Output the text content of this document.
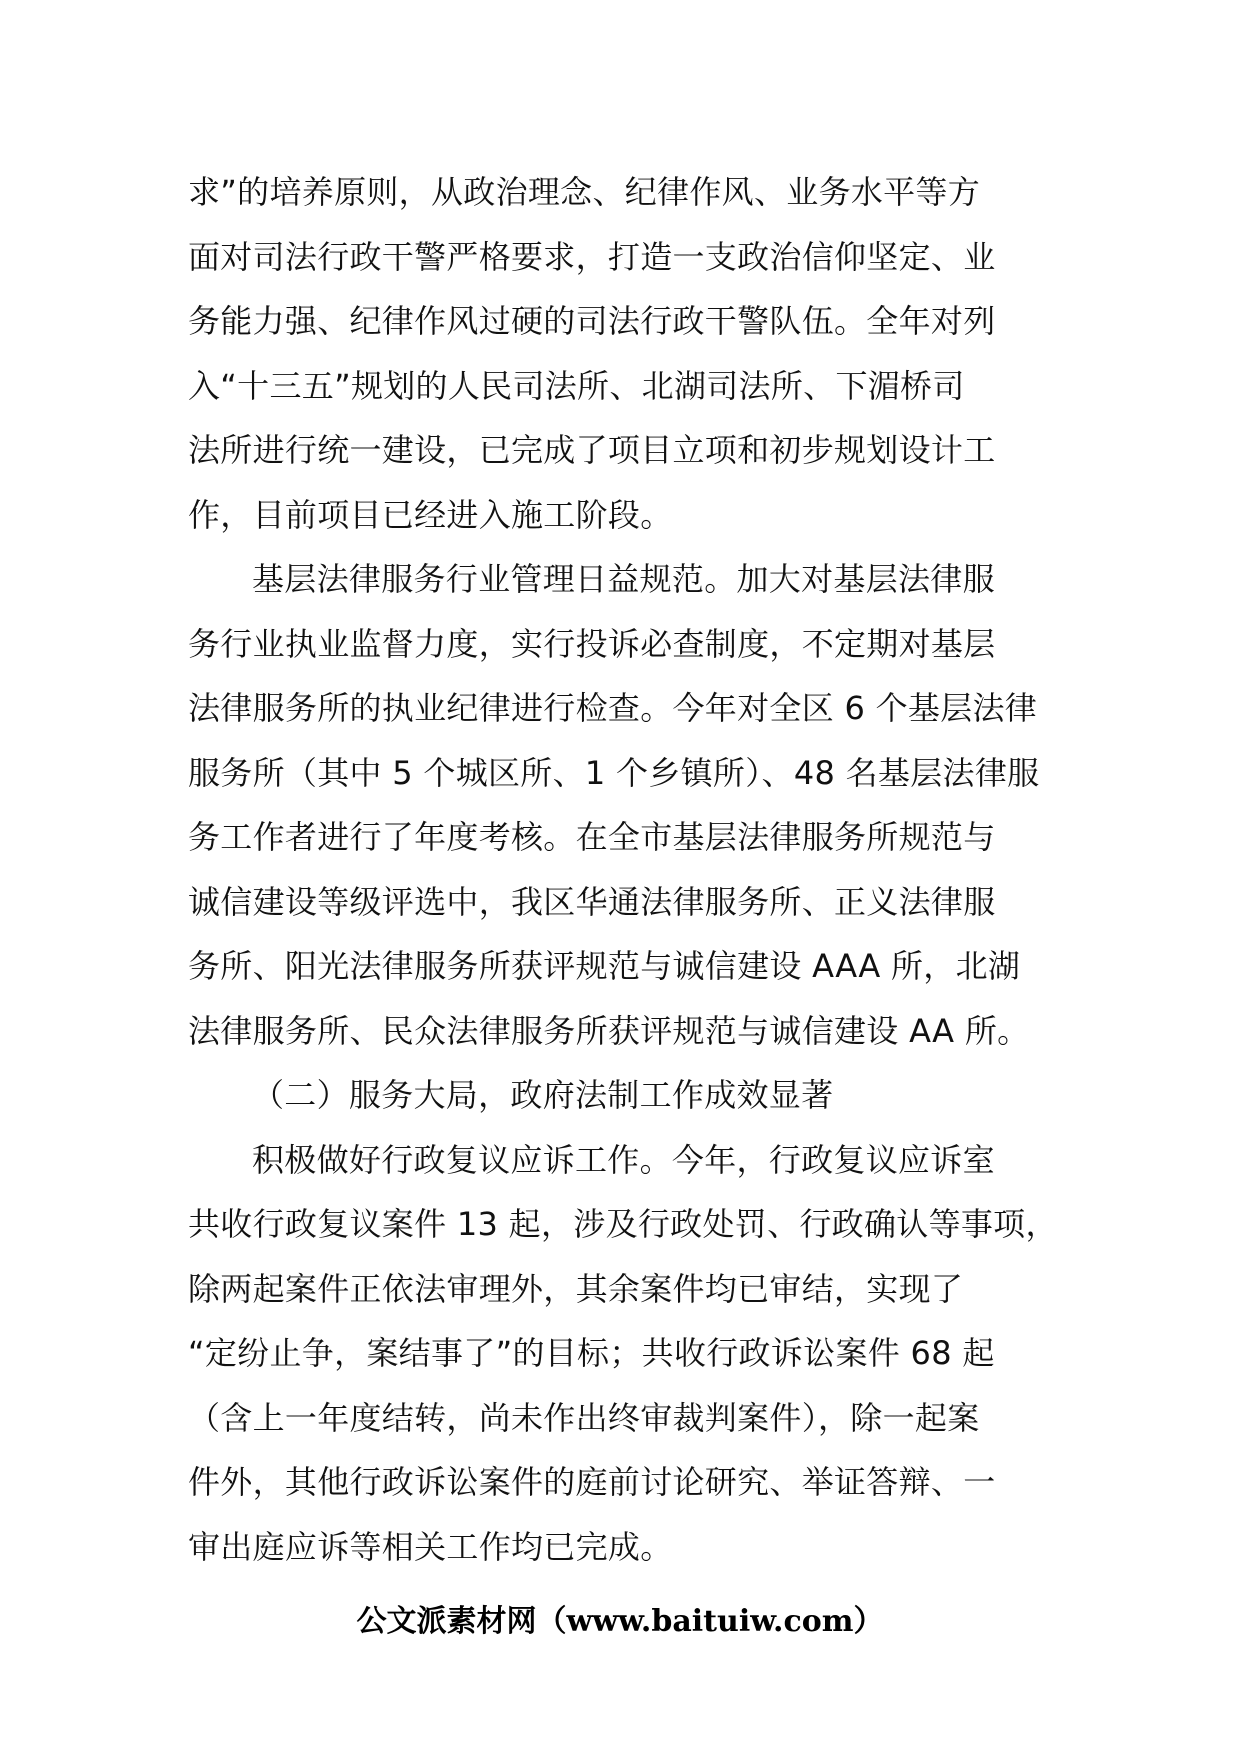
求”的培养原则，从政治理念、纪律作风、业务水平等方
面对司法行政干警严格要求，打造一支政治信仰坚定、业
务能力强、纪律作风过硬的司法行政干警队伍。全年对列
入“十三五”规划的人民司法所、北湖司法所、下湄桥司
法所进行统一建设，已完成了项目立项和初步规划设计工
作，目前项目已经进入施工阶段。
基层法律服务行业管理日益规范。加大对基层法律服
务行业执业监督力度，实行投诉必查制度，不定期对基层
法律服务所的执业纪律进行检查。今年对全区 6 个基层法律
服务所（其中 5 个城区所、1 个乡镇所）、48 名基层法律服
务工作者进行了年度考核。在全市基层法律服务所规范与
诚信建设等级评选中，我区华通法律服务所、正义法律服
务所、阳光法律服务所获评规范与诚信建设 AAA 所，北湖
法律服务所、民众法律服务所获评规范与诚信建设 AA 所。
（二）服务大局，政府法制工作成效显著
积极做好行政复议应诉工作。今年，行政复议应诉室
共收行政复议案件 13 起，涉及行政处罚、行政确认等事项，
除两起案件正依法审理外，其余案件均已审结，实现了
“定纷止争，案结事了”的目标；共收行政诉讼案件 68 起
（含上一年度结转，尚未作出终审裁判案件），除一起案
件外，其他行政诉讼案件的庭前讨论研究、举证答辩、一
审出庭应诉等相关工作均已完成。
公文派素材网（www.baituiw.com）
